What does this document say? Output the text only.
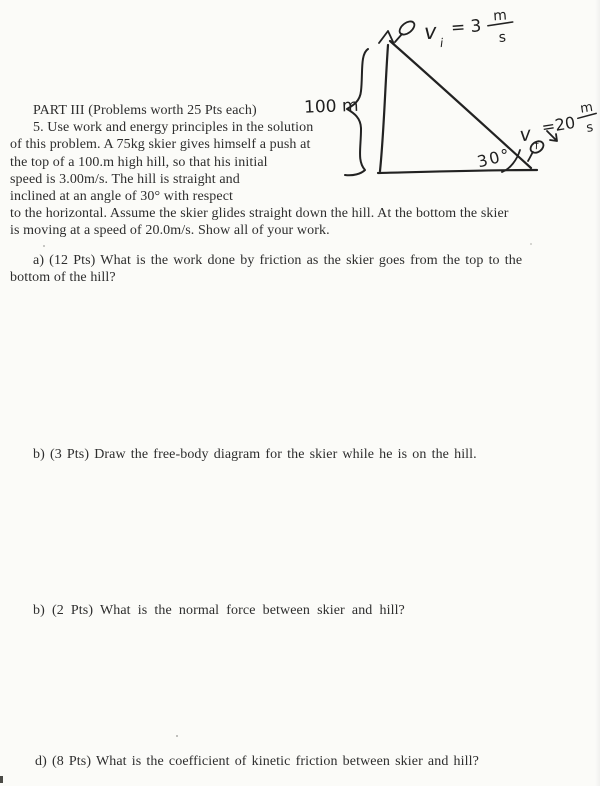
PART III (Problems worth 25 Pts each)
5. Use work and energy principles in the solution
of this problem. A 75kg skier gives himself a push at
the top of a 100.m high hill, so that his initial
speed is 3.00m/s. The hill is straight and
inclined at an angle of 30° with respect
to the horizontal. Assume the skier glides straight down the hill. At the bottom the skier
is moving at a speed of 20.0m/s. Show all of your work.
a) (12 Pts) What is the work done by friction as the skier goes from the top to the
bottom of the hill?
b) (3 Pts) Draw the free-body diagram for the skier while he is on the hill.
b) (2 Pts) What is the normal force between skier and hill?
d) (8 Pts) What is the coefficient of kinetic friction between skier and hill?
100 m
30°
v i
= 3
m
s
v f
=20
m
s
